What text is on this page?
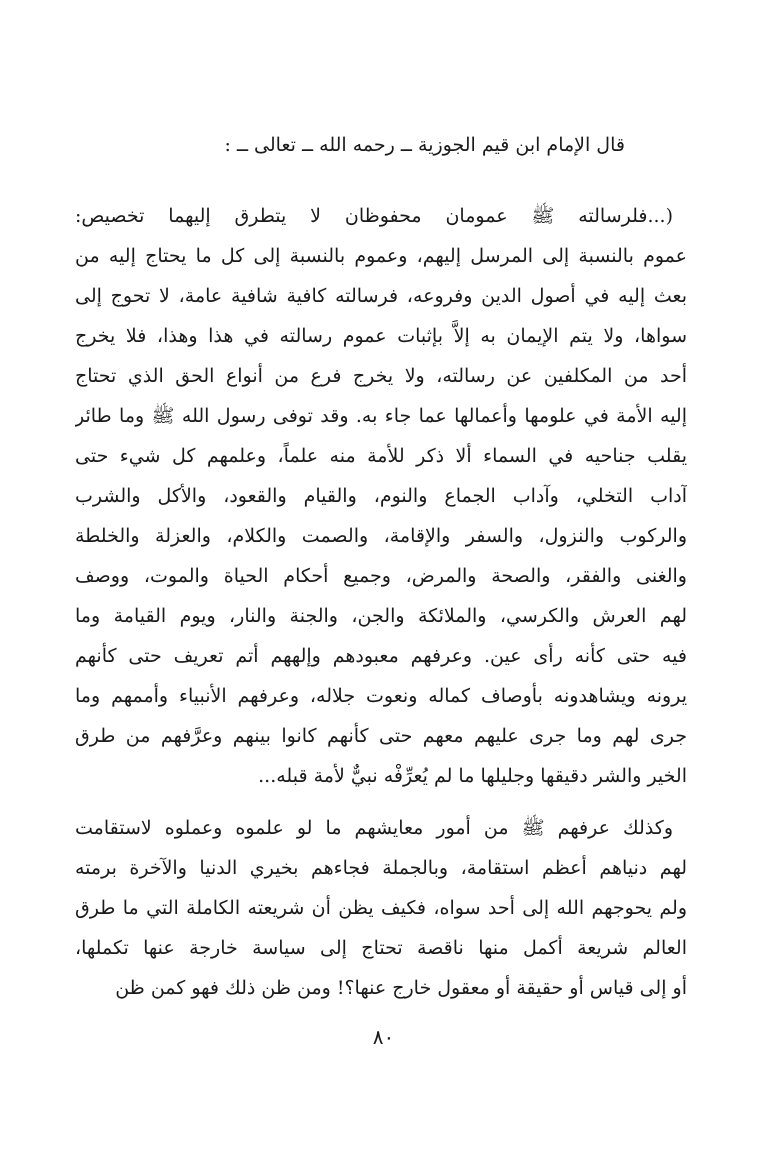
قال الإمام ابن قيم الجوزية ــ رحمه الله ــ تعالى ــ :
(...فلرسالته ﷺ عمومان محفوظان لا يتطرق إليهما تخصيص:
عموم بالنسبة إلى المرسل إليهم، وعموم بالنسبة إلى كل ما يحتاج إليه من
بعث إليه في أصول الدين وفروعه، فرسالته كافية شافية عامة، لا تحوج إلى
سواها، ولا يتم الإيمان به إلاَّ بإثبات عموم رسالته في هذا وهذا، فلا يخرج
أحد من المكلفين عن رسالته، ولا يخرج فرع من أنواع الحق الذي تحتاج
إليه الأمة في علومها وأعمالها عما جاء به. وقد توفى رسول الله ﷺ وما طائر
يقلب جناحيه في السماء ألا ذكر للأمة منه علماً، وعلمهم كل شيء حتى
آداب التخلي، وآداب الجماع والنوم، والقيام والقعود، والأكل والشرب
والركوب والنزول، والسفر والإقامة، والصمت والكلام، والعزلة والخلطة
والغنى والفقر، والصحة والمرض، وجميع أحكام الحياة والموت، ووصف
لهم العرش والكرسي، والملائكة والجن، والجنة والنار، ويوم القيامة وما
فيه حتى كأنه رأى عين. وعرفهم معبودهم وإلههم أتم تعريف حتى كأنهم
يرونه ويشاهدونه بأوصاف كماله ونعوت جلاله، وعرفهم الأنبياء وأممهم وما
جرى لهم وما جرى عليهم معهم حتى كأنهم كانوا بينهم وعرَّفهم من طرق
الخير والشر دقيقها وجليلها ما لم يُعرِّفْه نبيٌّ لأمة قبله...
وكذلك عرفهم ﷺ من أمور معايشهم ما لو علموه وعملوه لاستقامت
لهم دنياهم أعظم استقامة، وبالجملة فجاءهم بخيري الدنيا والآخرة برمته
ولم يحوجهم الله إلى أحد سواه، فكيف يظن أن شريعته الكاملة التي ما طرق
العالم شريعة أكمل منها ناقصة تحتاج إلى سياسة خارجة عنها تكملها،
أو إلى قياس أو حقيقة أو معقول خارج عنها؟! ومن ظن ذلك فهو كمن ظن
٨٠
